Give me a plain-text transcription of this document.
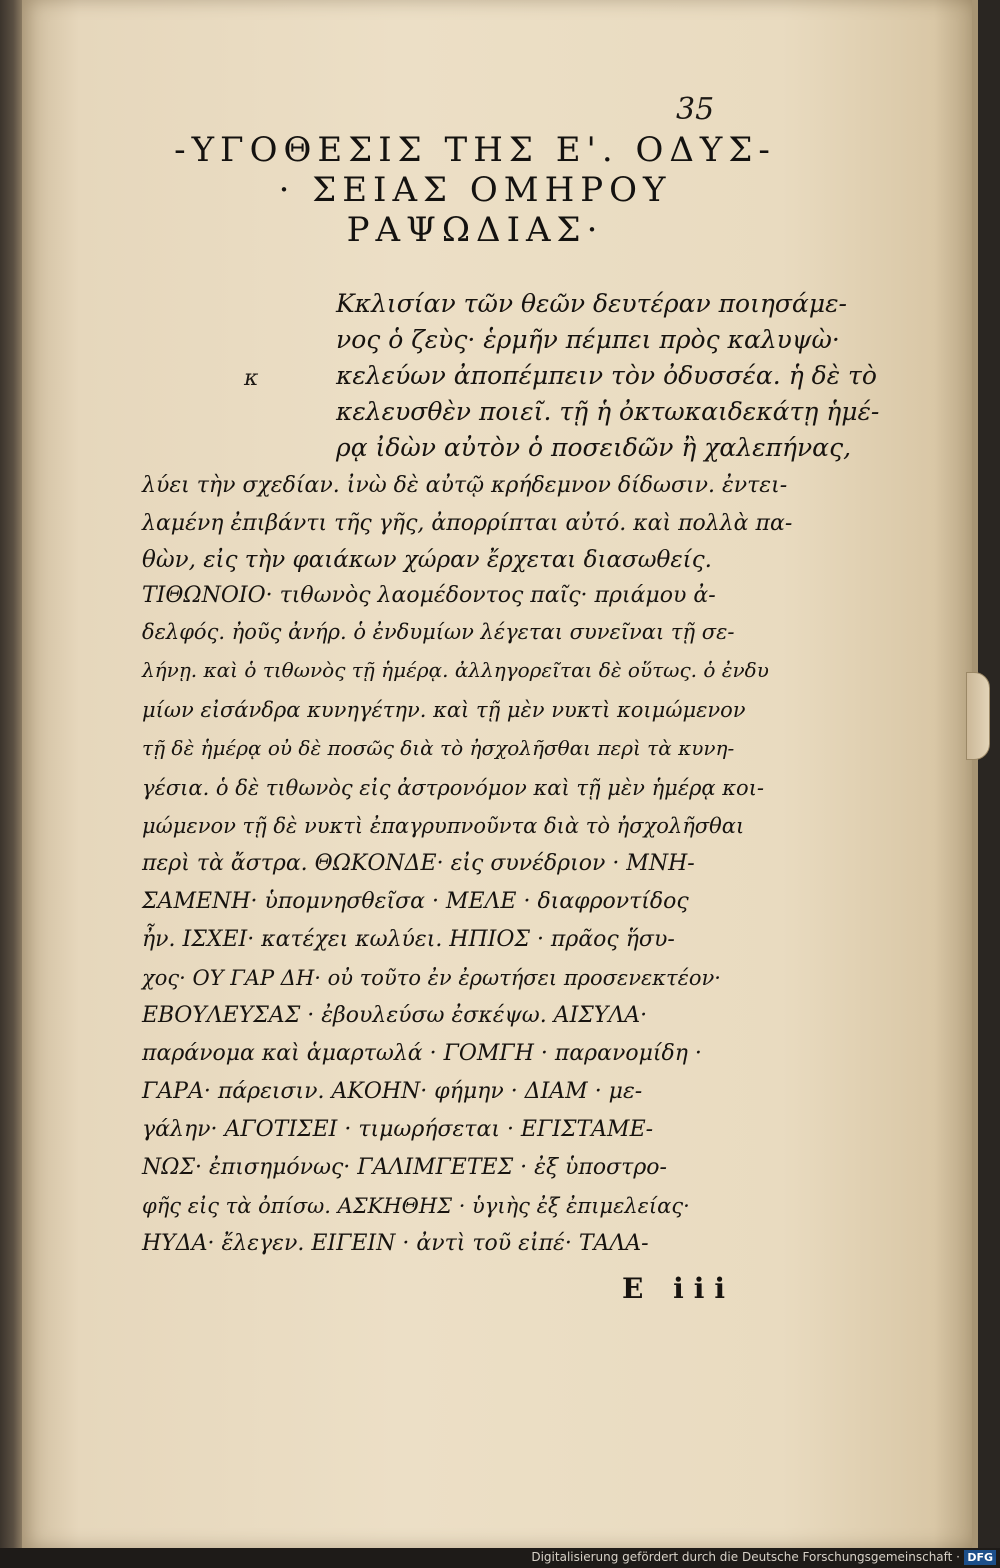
35
-ΥΓΟΘΕΣΙΣ ΤΗΣ Ε'. ΟΔΥΣ-
· ΣΕΙΑΣ ΟΜΗΡΟΥ
ΡΑΨΩΔΙΑΣ·
κ
Κκλισίαν τῶν θεῶν δευτέραν ποιησάμε-
νος ὁ ζεὺς· ἑρμῆν πέμπει πρὸς καλυψὼ·
κελεύων ἀποπέμπειν τὸν ὀδυσσέα. ἡ δὲ τὸ
κελευσθὲν ποιεῖ. τῇ ἡ ὀκτωκαιδεκάτῃ ἡμέ-
ρᾳ ἰδὼν αὐτὸν ὁ ποσειδῶν ἢ χαλεπήνας,
λύει τὴν σχεδίαν. ἰνὼ δὲ αὐτῷ κρήδεμνον δίδωσιν. ἐντει-
λαμένη ἐπιβάντι τῆς γῆς, ἀπορρίπται αὐτό. καὶ πολλὰ πα-
θὼν, εἰς τὴν φαιάκων χώραν ἔρχεται διασωθείς.
ΤΙΘΩΝΟΙΟ· τιθωνὸς λαομέδοντος παῖς· πριάμου ἀ-
δελφός. ἠοῦς ἀνήρ. ὁ ἐνδυμίων λέγεται συνεῖναι τῇ σε-
λήνῃ. καὶ ὁ τιθωνὸς τῇ ἡμέρᾳ. ἀλληγορεῖται δὲ οὕτως. ὁ ἐνδυ
μίων εἰσάνδρα κυνηγέτην. καὶ τῇ μὲν νυκτὶ κοιμώμενον
τῇ δὲ ἡμέρᾳ οὐ δὲ ποσῶς διὰ τὸ ἠσχολῆσθαι περὶ τὰ κυνη-
γέσια. ὁ δὲ τιθωνὸς εἰς ἀστρονόμον καὶ τῇ μὲν ἡμέρᾳ κοι-
μώμενον τῇ δὲ νυκτὶ ἐπαγρυπνοῦντα διὰ τὸ ἠσχολῆσθαι
περὶ τὰ ἄστρα. ΘΩΚΟΝΔΕ· εἰς συνέδριον · ΜΝΗ-
ΣΑΜΕΝΗ· ὑπομνησθεῖσα · ΜΕΛΕ · διαφροντίδος
ἦν. ΙΣΧΕΙ· κατέχει κωλύει. ΗΠΙΟΣ · πρᾶος ἥσυ-
χος· ΟΥ ΓΑΡ ΔΗ· οὐ τοῦτο ἐν ἐρωτήσει προσενεκτέον·
ΕΒΟΥΛΕΥΣΑΣ · ἐβουλεύσω ἐσκέψω. ΑΙΣΥΛΑ·
παράνομα καὶ ἁμαρτωλά · ΓΟΜΓΗ · παρανομίδη ·
ΓΑΡΑ· πάρεισιν. ΑΚΟΗΝ· φήμην · ΔΙΑΜ · με-
γάλην· ΑΓΟΤΙΣΕΙ · τιμωρήσεται · ΕΓΙΣΤΑΜΕ-
ΝΩΣ· ἐπισημόνως· ΓΑΛΙΜΓΕΤΕΣ · ἐξ ὑποστρο-
φῆς εἰς τὰ ὀπίσω. ΑΣΚΗΘΗΣ · ὑγιὴς ἐξ ἐπιμελείας·
ΗΥΔΑ· ἔλεγεν. ΕΙΓΕΙΝ · ἀντὶ τοῦ εἰπέ· ΤΑΛΑ-
E iii
Digitalisierung gefördert durch die Deutsche Forschungsgemeinschaft · DFG
